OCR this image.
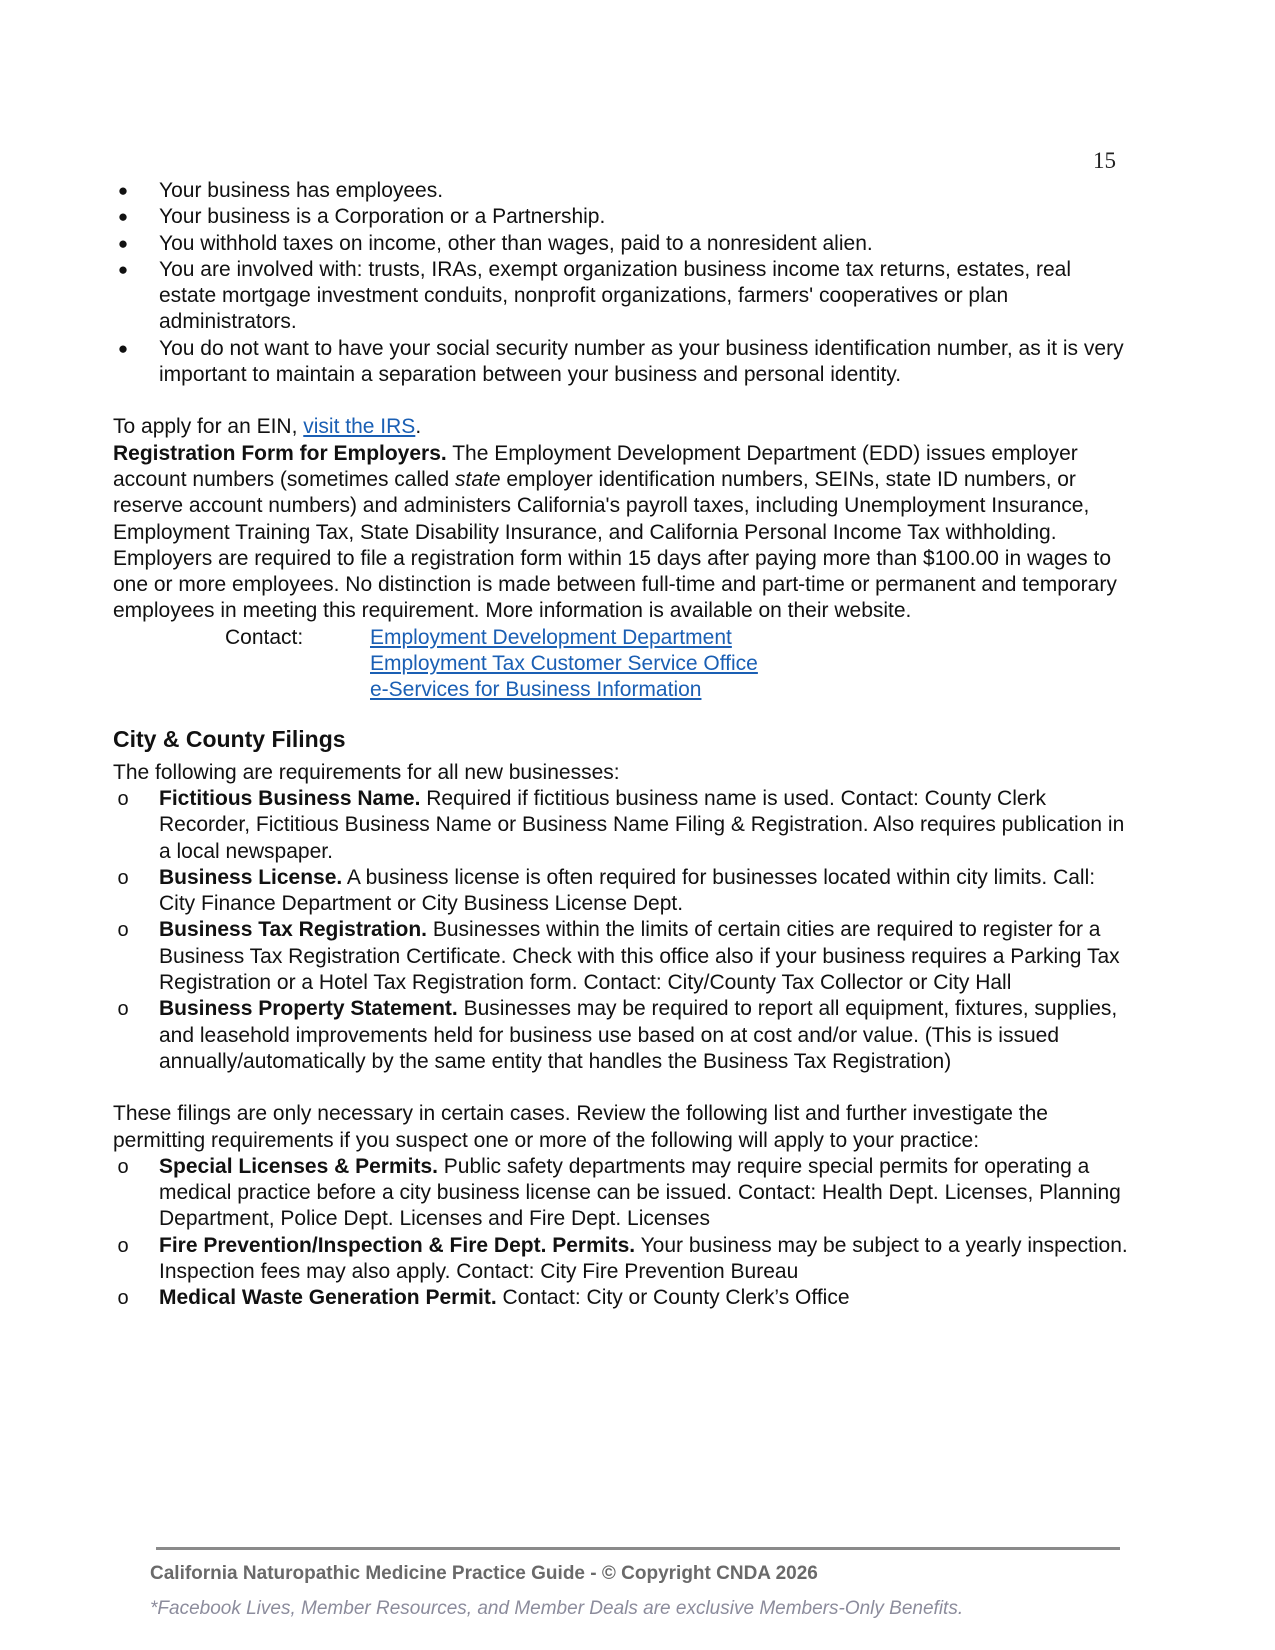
15
● Your business has employees.
● Your business is a Corporation or a Partnership.
● You withhold taxes on income, other than wages, paid to a nonresident alien.
● You are involved with: trusts, IRAs, exempt organization business income tax returns, estates, real estate mortgage investment conduits, nonprofit organizations, farmers' cooperatives or plan administrators.
● You do not want to have your social security number as your business identification number, as it is very important to maintain a separation between your business and personal identity.

To apply for an EIN, visit the IRS.

Registration Form for Employers. The Employment Development Department (EDD) issues employer account numbers (sometimes called state employer identification numbers, SEINs, state ID numbers, or reserve account numbers) and administers California's payroll taxes, including Unemployment Insurance, Employment Training Tax, State Disability Insurance, and California Personal Income Tax withholding. Employers are required to file a registration form within 15 days after paying more than $100.00 in wages to one or more employees. No distinction is made between full-time and part-time or permanent and temporary employees in meeting this requirement. More information is available on their website.

Contact:	Employment Development Department
Employment Tax Customer Service Office
e-Services for Business Information
City & County Filings

The following are requirements for all new businesses:

o Fictitious Business Name. Required if fictitious business name is used. Contact: County Clerk Recorder, Fictitious Business Name or Business Name Filing & Registration. Also requires publication in a local newspaper.
o Business License. A business license is often required for businesses located within city limits. Call: City Finance Department or City Business License Dept.
o Business Tax Registration. Businesses within the limits of certain cities are required to register for a Business Tax Registration Certificate. Check with this office also if your business requires a Parking Tax Registration or a Hotel Tax Registration form. Contact: City/County Tax Collector or City Hall
o Business Property Statement. Businesses may be required to report all equipment, fixtures, supplies, and leasehold improvements held for business use based on at cost and/or value. (This is issued annually/automatically by the same entity that handles the Business Tax Registration)

These filings are only necessary in certain cases. Review the following list and further investigate the permitting requirements if you suspect one or more of the following will apply to your practice:

o Special Licenses & Permits. Public safety departments may require special permits for operating a medical practice before a city business license can be issued. Contact: Health Dept. Licenses, Planning Department, Police Dept. Licenses and Fire Dept. Licenses
o Fire Prevention/Inspection & Fire Dept. Permits. Your business may be subject to a yearly inspection. Inspection fees may also apply. Contact: City Fire Prevention Bureau
o Medical Waste Generation Permit. Contact: City or County Clerk’s Office
California Naturopathic Medicine Practice Guide - © Copyright CNDA 2026
*Facebook Lives, Member Resources, and Member Deals are exclusive Members-Only Benefits.
